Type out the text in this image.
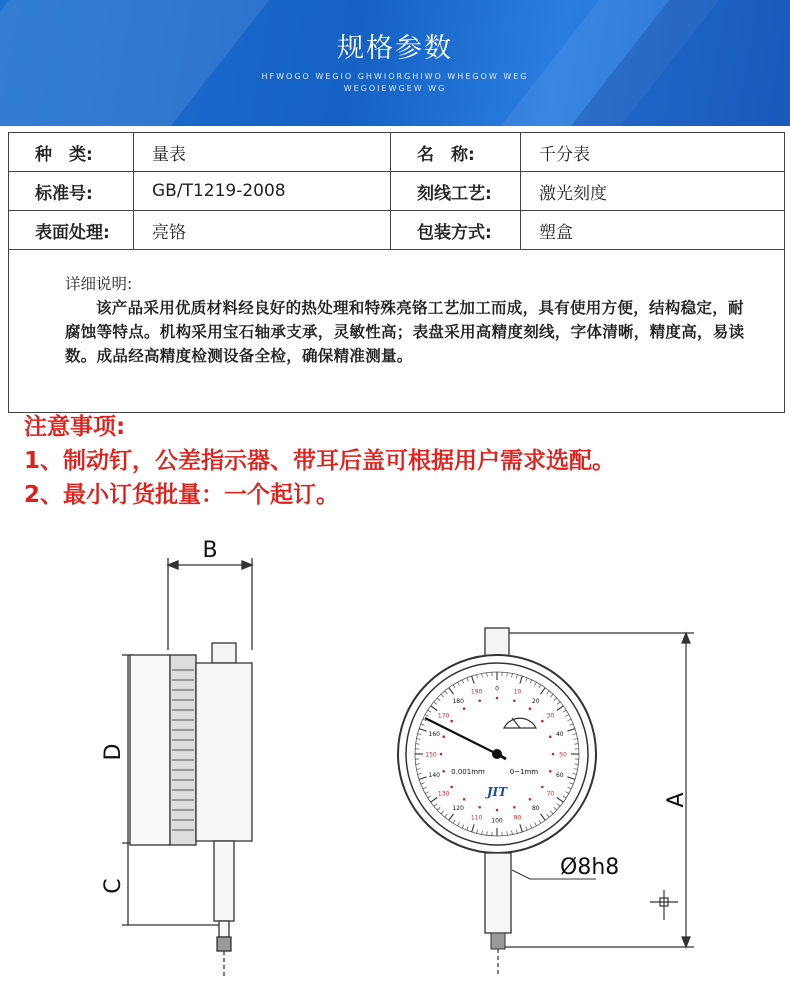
规格参数
HFWOGO WEGIO GHWIORGHIWO WHEGOW WEG
WEGOIEWGEW WG
种　类:	量表	名　称:	千分表
标准号:	GB/T1219-2008	刻线工艺:	激光刻度
表面处理:	亮铬	包装方式:	塑盒

详细说明:
该产品采用优质材料经良好的热处理和特殊亮铬工艺加工而成，具有使用方便，结构稳定，耐腐蚀等特点。机构采用宝石轴承支承，灵敏性高；表盘采用高精度刻线，字体清晰，精度高，易读数。成品经高精度检测设备全检，确保精准测量。			
注意事项:
1、制动钉，公差指示器、带耳后盖可根据用户需求选配。
2、最小订货批量：一个起订。
B
D
C
0 10
20
30
40
50
60
70
80
90
100
110
120
130
140
150
160
170
180
190
0.001mm	0~1mm
JIT
Ø8h8
A
